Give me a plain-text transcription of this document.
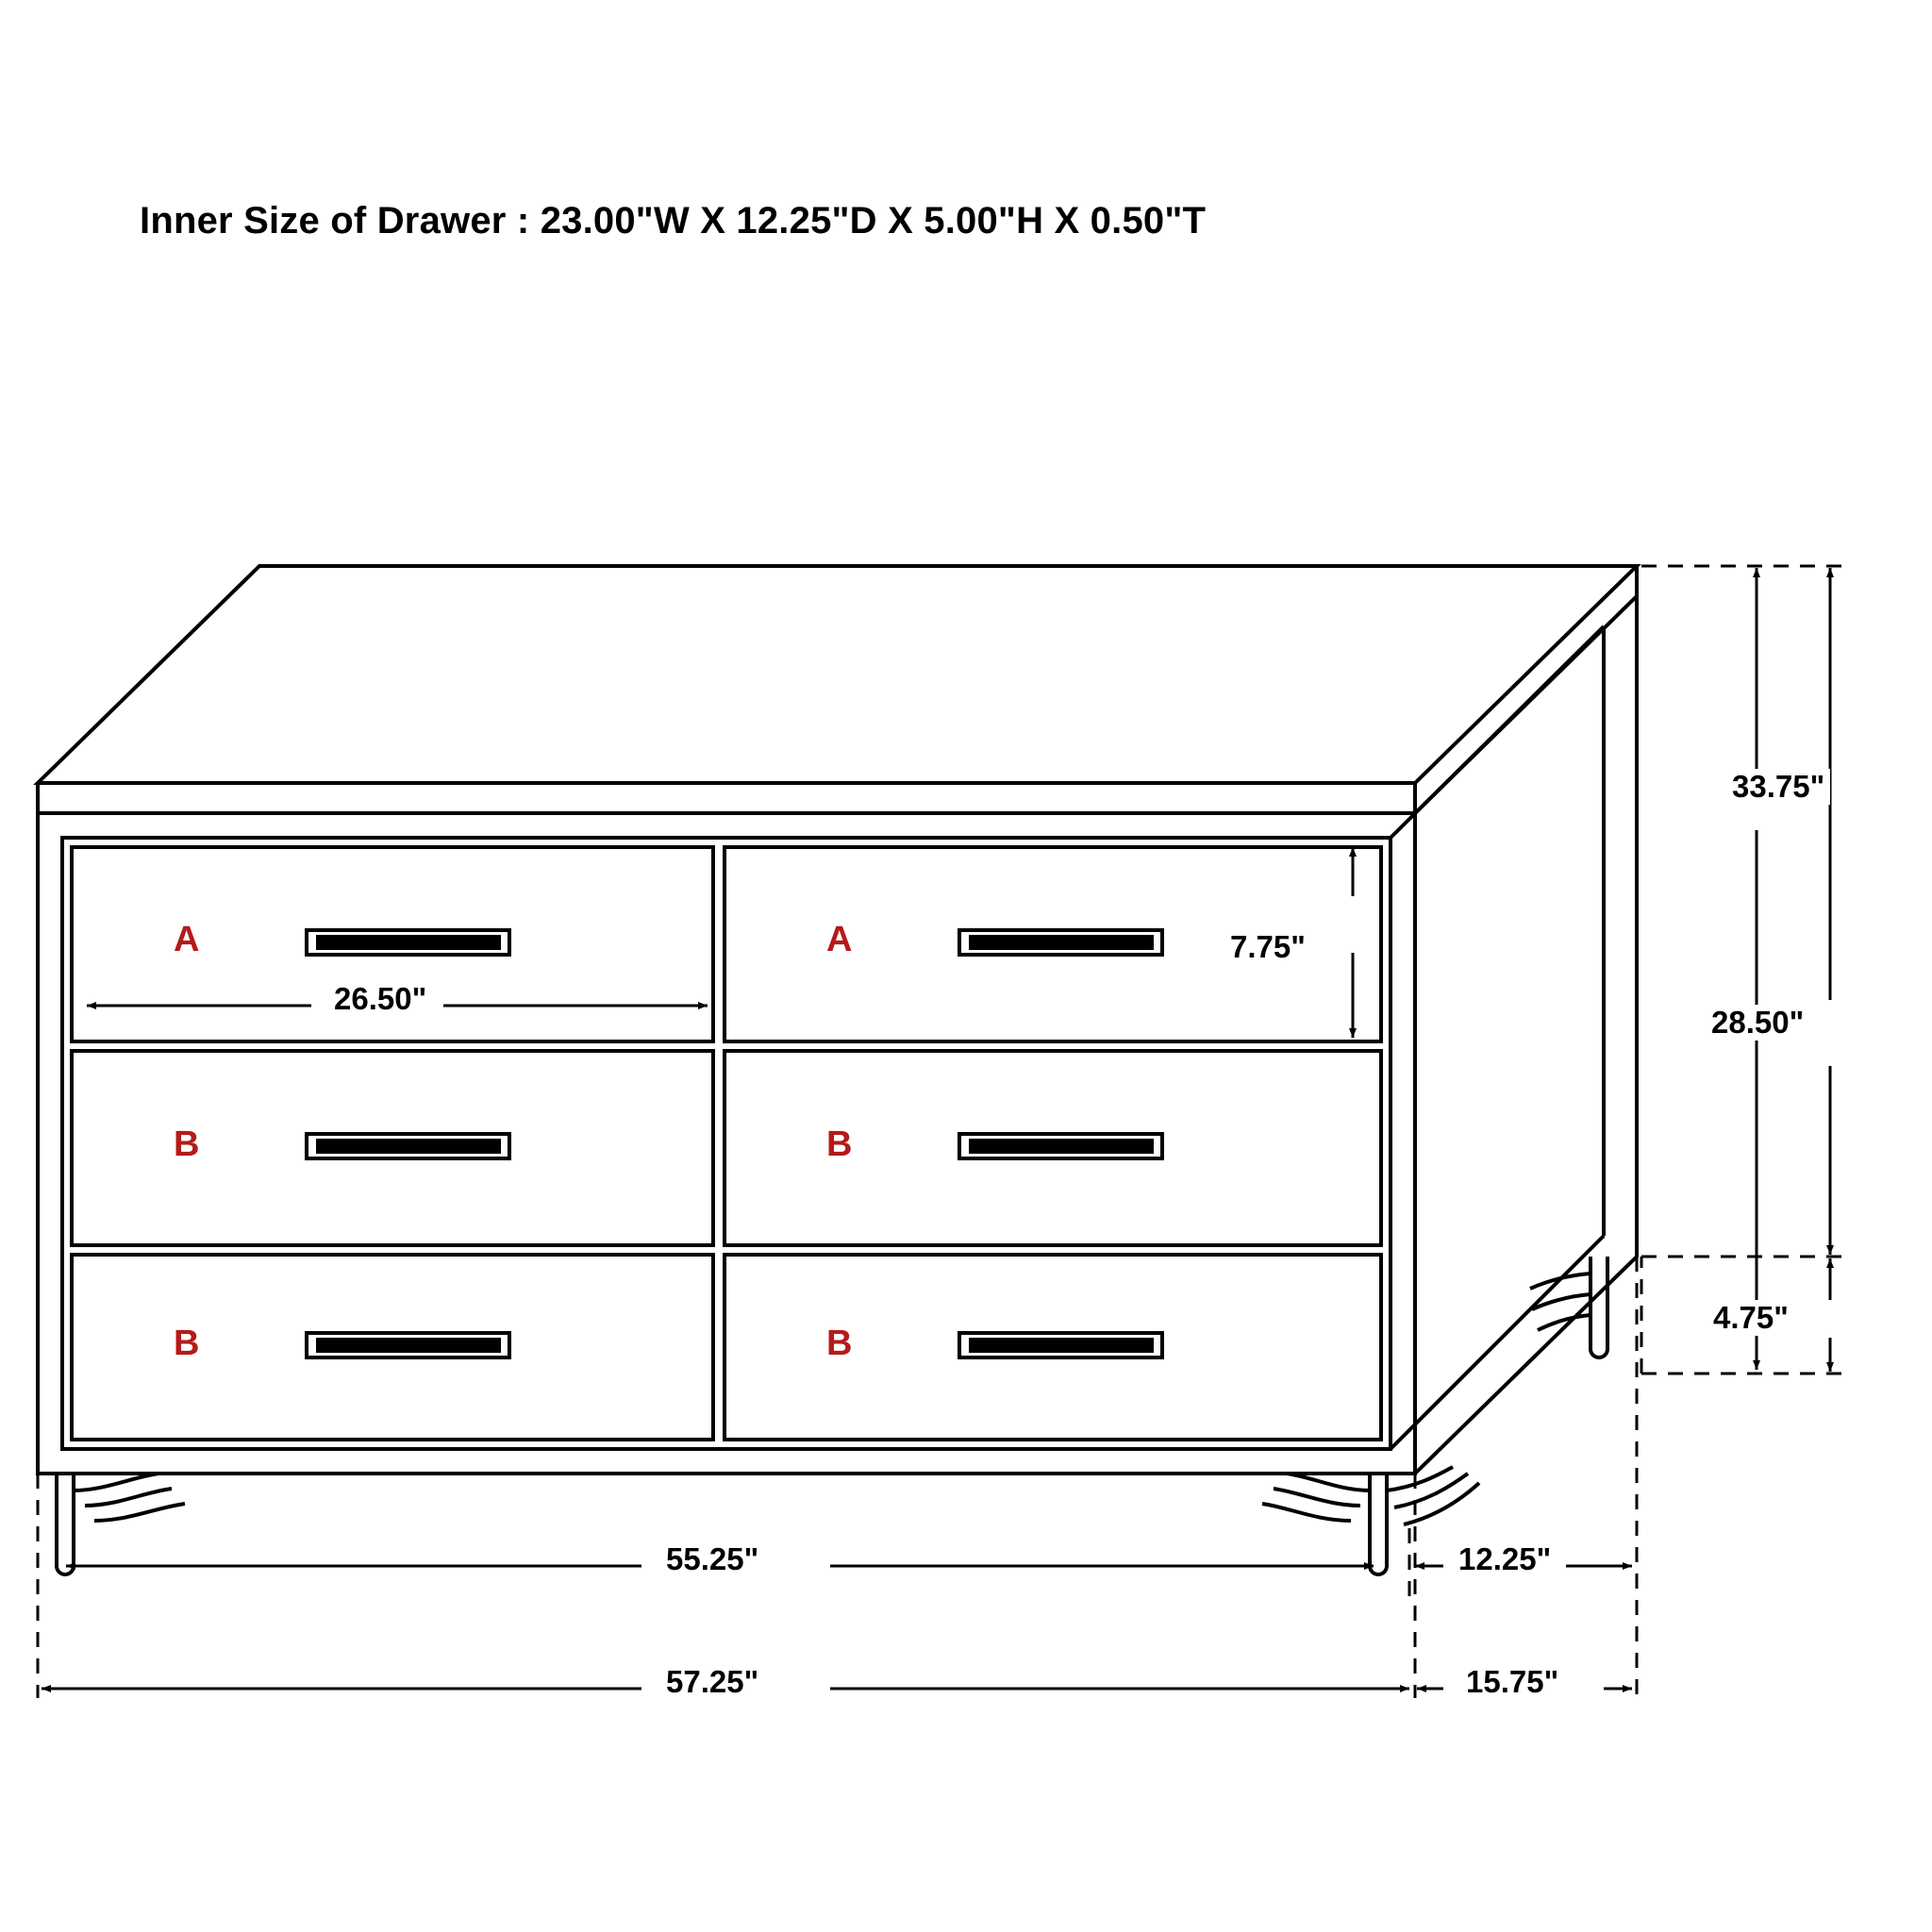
Inner Size of Drawer : 23.00"W X 12.25"D X 5.00"H X 0.50"T
A	A
B	B
B	B
33.75"
28.50"
7.75"
4.75"
26.50"
55.25"
57.25"
12.25"
15.75"
